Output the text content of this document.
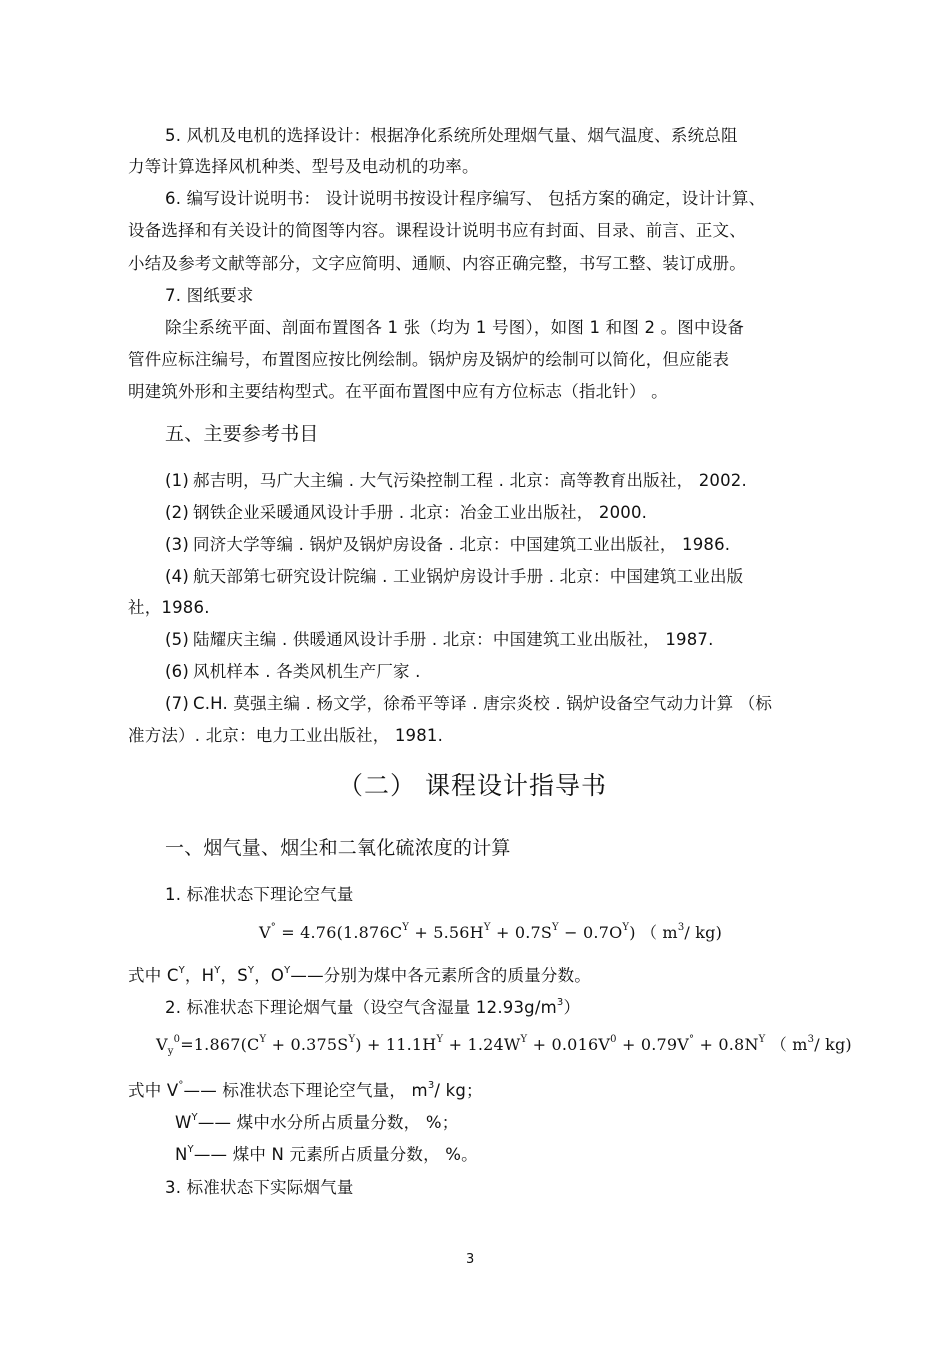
5. 风机及电机的选择设计：根据净化系统所处理烟气量、烟气温度、系统总阻
力等计算选择风机种类、型号及电动机的功率。
6. 编写设计说明书： 设计说明书按设计程序编写、 包括方案的确定，设计计算、
设备选择和有关设计的简图等内容。课程设计说明书应有封面、目录、前言、正文、
小结及参考文献等部分，文字应简明、通顺、内容正确完整，书写工整、装订成册。
7. 图纸要求
除尘系统平面、剖面布置图各 1 张（均为 1 号图），如图 1 和图 2 。图中设备
管件应标注编号，布置图应按比例绘制。锅炉房及锅炉的绘制可以简化，但应能表
明建筑外形和主要结构型式。在平面布置图中应有方位标志（指北针） 。
五、主要参考书目
(1) 郝吉明，马广大主编 . 大气污染控制工程 . 北京：高等教育出版社， 2002.
(2) 钢铁企业采暖通风设计手册 . 北京：冶金工业出版社， 2000.
(3) 同济大学等编 . 锅炉及锅炉房设备 . 北京：中国建筑工业出版社， 1986.
(4) 航天部第七研究设计院编 . 工业锅炉房设计手册 . 北京：中国建筑工业出版
社，1986.
(5) 陆耀庆主编 . 供暖通风设计手册 . 北京：中国建筑工业出版社， 1987.
(6) 风机样本 . 各类风机生产厂家 .
(7) C.H. 莫强主编 . 杨文学，徐希平等译 . 唐宗炎校 . 锅炉设备空气动力计算 （标
准方法）. 北京：电力工业出版社， 1981.
（二） 课程设计指导书
一、烟气量、烟尘和二氧化硫浓度的计算
1. 标准状态下理论空气量
$V^\circ = 4.76(1.876C^Y + 5.56H^Y + 0.7S^Y - 0.7O^Y)$ （ $m^3/$ kg)
式中 $C^Y$，$H^Y$，$S^Y$，$O^Y——$分别为煤中各元素所含的质量分数。
2. 标准状态下理论烟气量（设空气含湿量 $12.93g/m^3$）
$V_y^0=1.867(C^Y + 0.375S^Y) + 11.1H^Y + 1.24W^Y + 0.016V^0 + 0.79V^\circ + 0.8N^Y$ （ $m^3/$ kg)
式中 V°—— 标准状态下理论空气量， $m^3/$ kg；
$W^Y——$ 煤中水分所占质量分数， %；
$N^Y——$ 煤中 N 元素所占质量分数， %。
3. 标准状态下实际烟气量
3
